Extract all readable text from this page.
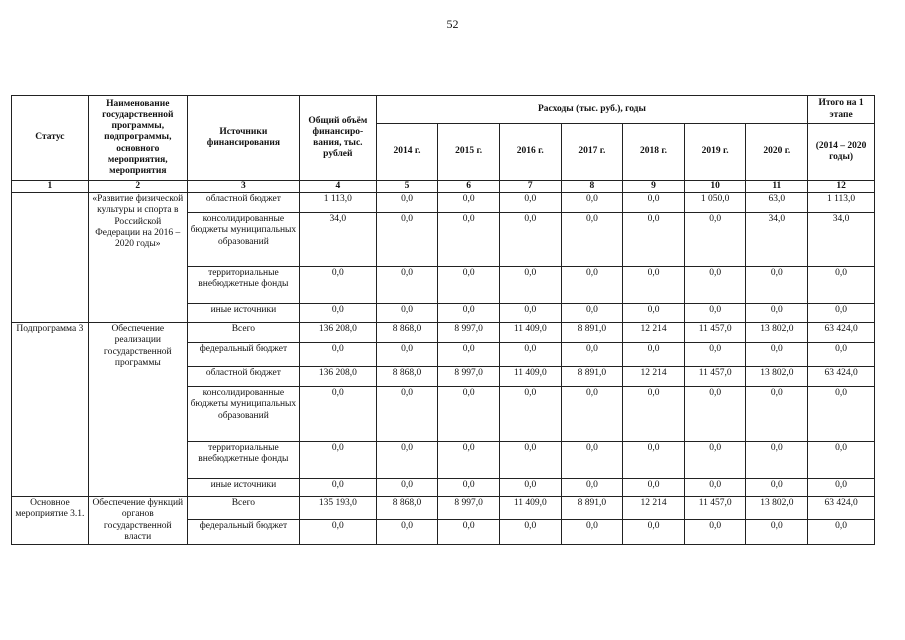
52
Статус	Наименование государственной программы, подпрограммы, основного мероприятия, мероприятия	Источники финансирования	Общий объём финансиро-вания, тыс. рублей	Расходы (тыс. руб.), годы							Итого на 1 этапе
				2014 г.	2015 г.	2016 г.	2017 г.	2018 г.	2019 г.	2020 г.	(2014 – 2020 годы)
1	2	3	4	5	6	7	8	9	10	11	12
	«Развитие физической культуры и спорта в Российской Федерации на 2016 – 2020 годы»	областной бюджет	1 113,0	0,0	0,0	0,0	0,0	0,0	1 050,0	63,0	1 113,0
		консолидированные бюджеты муниципальных образований	34,0	0,0	0,0	0,0	0,0	0,0	0,0	34,0	34,0
		территориальные внебюджетные фонды	0,0	0,0	0,0	0,0	0,0	0,0	0,0	0,0	0,0
		иные источники	0,0	0,0	0,0	0,0	0,0	0,0	0,0	0,0	0,0
Подпрограмма 3	Обеспечение реализации государственной программы	Всего	136 208,0	8 868,0	8 997,0	11 409,0	8 891,0	12 214	11 457,0	13 802,0	63 424,0
		федеральный бюджет	0,0	0,0	0,0	0,0	0,0	0,0	0,0	0,0	0,0
		областной бюджет	136 208,0	8 868,0	8 997,0	11 409,0	8 891,0	12 214	11 457,0	13 802,0	63 424,0
		консолидированные бюджеты муниципальных образований	0,0	0,0	0,0	0,0	0,0	0,0	0,0	0,0	0,0
		территориальные внебюджетные фонды	0,0	0,0	0,0	0,0	0,0	0,0	0,0	0,0	0,0
		иные источники	0,0	0,0	0,0	0,0	0,0	0,0	0,0	0,0	0,0
Основное мероприятие 3.1.	Обеспечение функций органов государственной власти	Всего	135 193,0	8 868,0	8 997,0	11 409,0	8 891,0	12 214	11 457,0	13 802,0	63 424,0
		федеральный бюджет	0,0	0,0	0,0	0,0	0,0	0,0	0,0	0,0	0,0
